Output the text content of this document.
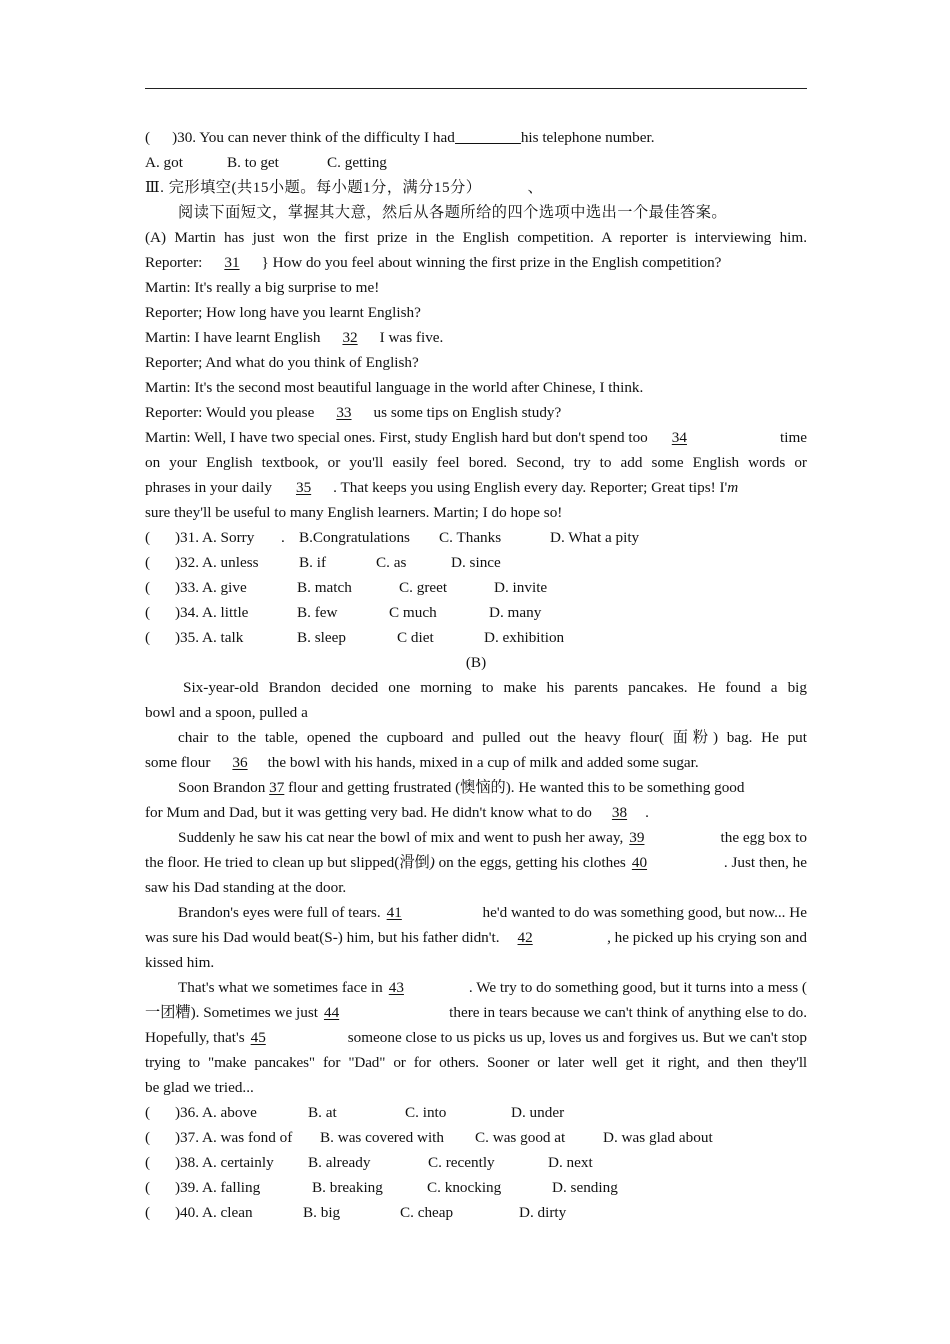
( )30. You can never think of the difficulty I had	his telephone number.
A. got	B. to get	C. getting
Ⅲ. 完形填空(共15小题。每小题1分，满分15分）	、
阅读下面短文，掌握其大意，然后从各题所给的四个选项中选出一个最佳答案。
(A) Martin has just won the first prize in the English competition. A reporter is interviewing him.
Reporter: 31 } How do you feel about winning the first prize in the English competition?
Martin: It's really a big surprise to me!
Reporter; How long have you learnt English?
Martin: I have learnt English 32 I was five.
Reporter; And what do you think of English?
Martin: It's the second most beautiful language in the world after Chinese, I think.
Reporter: Would you please 33 us some tips on English study?
Martin: Well, I have two special ones. First, study English hard but don't spend too 34	time
on your English textbook, or you'll easily feel bored. Second, try to add some English words or
phrases in your daily 35 . That keeps you using English every day. Reporter; Great tips! I'm
sure they'll be useful to many English learners. Martin; I do hope so!
(	)31. A. Sorry	. B.Congratulations	C. Thanks	D. What a pity
(	)32. A. unless	B. if	C. as	D. since
(	)33. A. give	B. match	C. greet	D. invite
(	)34. A. little	B. few	C much	D. many
(	)35. A. talk	B. sleep	C diet	D. exhibition
(B)
Six-year-old Brandon decided one morning to make his parents pancakes. He found a big
bowl and a spoon, pulled a
chair to the table, opened the cupboard and pulled out the heavy flour( 面粉) bag. He put
some flour 36 the bowl with his hands, mixed in a cup of milk and added some sugar.
Soon Brandon 37 flour and getting frustrated (懊恼的). He wanted this to be something good
for Mum and Dad, but it was getting very bad. He didn't know what to do 38 .
Suddenly he saw his cat near the bowl of mix and went to push her away, 39	the egg box to
the floor. He tried to clean up but slipped(滑倒 ) on the eggs, getting his clothes 40	. Just then, he
saw his Dad standing at the door.
Brandon's eyes were full of tears. 41	he'd wanted to do was something good, but now... He
was sure his Dad would beat(S-) him, but his father didn't. 42	, he picked up his crying son and
kissed him.
That's what we sometimes face in 43	. We try to do something good, but it turns into a mess (
一团糟). Sometimes we just 44	there in tears because we can't think of anything else to do.
Hopefully, that's 45	someone close to us picks us up, loves us and forgives us. But we can't stop
trying to "make pancakes" for "Dad" or for others. Sooner or later well get it right, and then they'll
be glad we tried...
(	)36. A. above	B. at	C. into	D. under
(	)37. A. was fond of	B. was covered with	C. was good at	D. was glad about
(	)38. A. certainly	B. already	C. recently	D. next
(	)39. A. falling	B. breaking	C. knocking	D. sending
(	)40. A. clean	B. big	C. cheap	D. dirty
